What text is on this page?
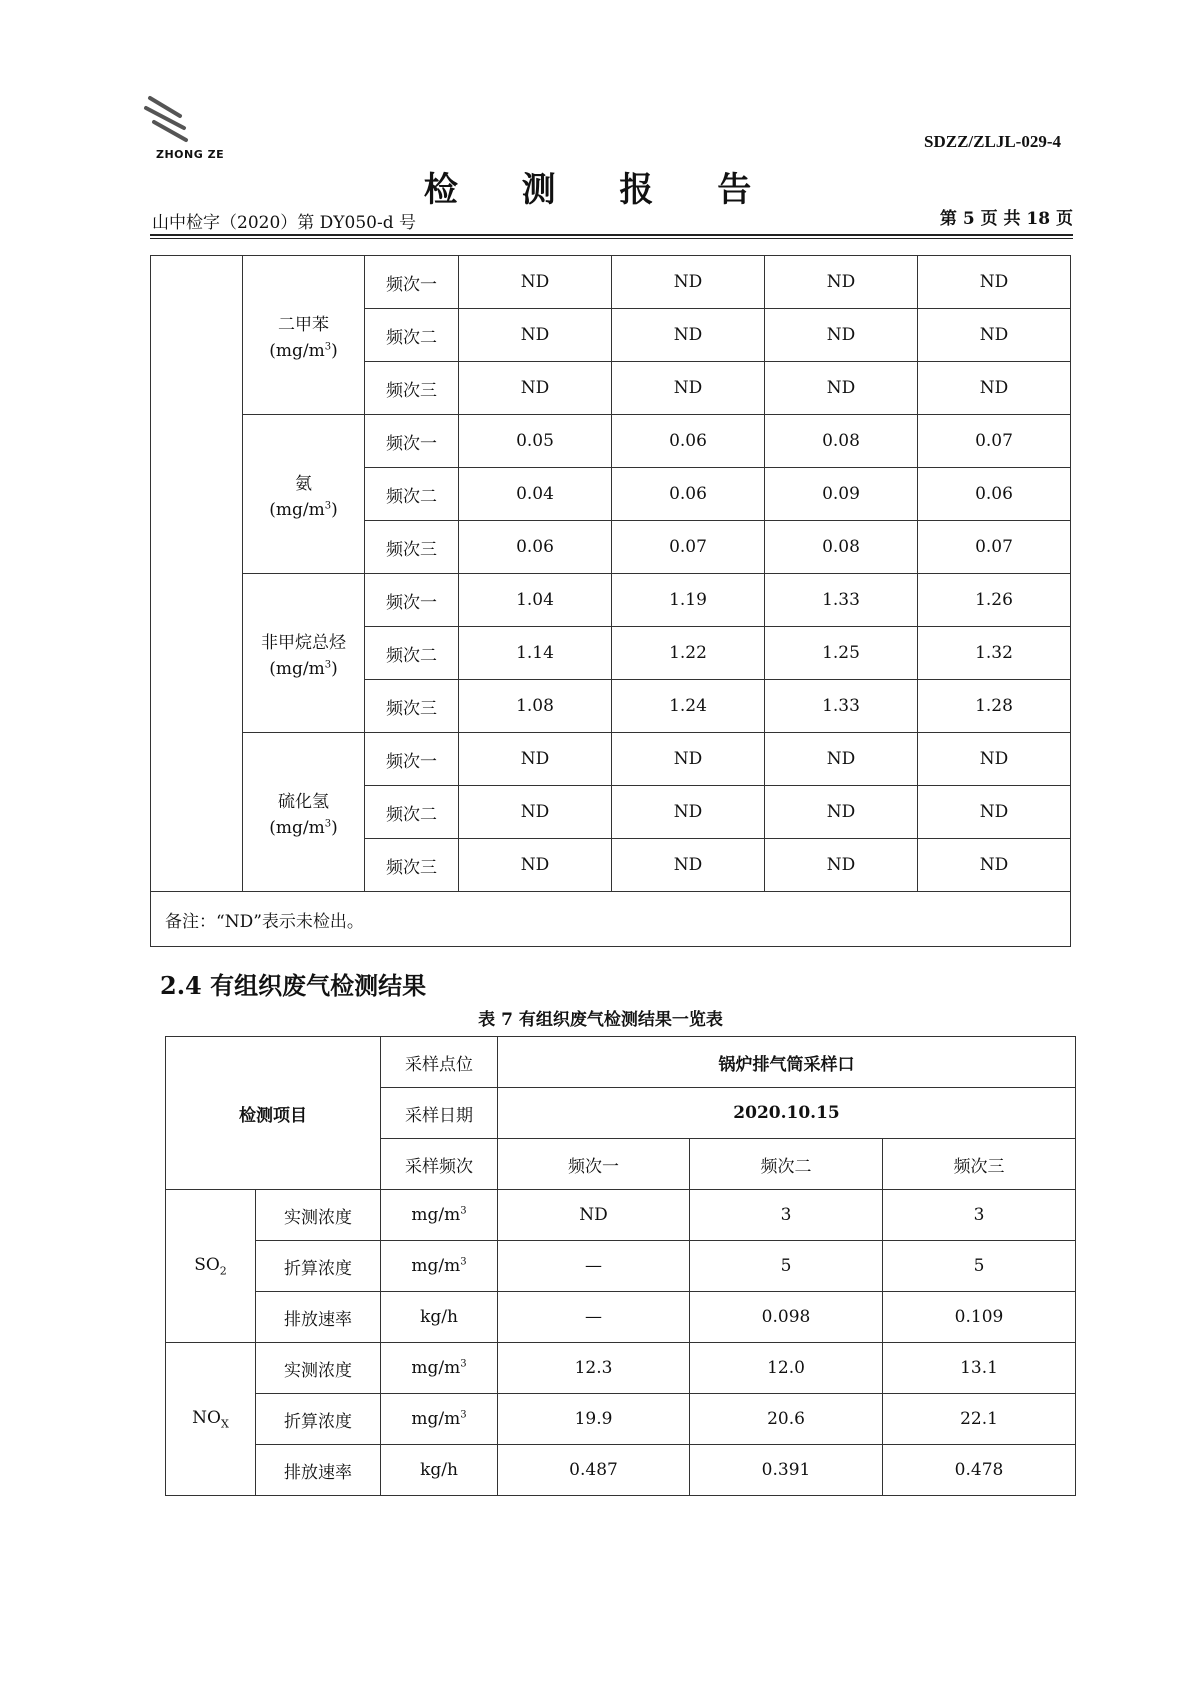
ZHONG ZE
SDZZ/ZLJL-029-4
检 测 报 告
山中检字（2020）第 DY050-d 号	第 5 页 共 18 页

	二甲苯
$(mg/m^3)$	频次一	ND	ND	ND	ND
		频次二	ND	ND	ND	ND
		频次三	ND	ND	ND	ND

	氨
$(mg/m^3)$	频次一	0.05	0.06	0.08	0.07
		频次二	0.04	0.06	0.09	0.06
		频次三	0.06	0.07	0.08	0.07

	非甲烷总烃
$(mg/m^3)$	频次一	1.04	1.19	1.33	1.26
		频次二	1.14	1.22	1.25	1.32
		频次三	1.08	1.24	1.33	1.28

	硫化氢
$(mg/m^3)$	频次一	ND	ND	ND	ND
		频次二	ND	ND	ND	ND
		频次三	ND	ND	ND	ND
备注：“ND”表示未检出。						
2.4 有组织废气检测结果
表 7 有组织废气检测结果一览表
检测项目		采样点位	锅炉排气筒采样口		
		采样日期	2020.10.15		
		采样频次	频次一	频次二	频次三
$SO_2$	实测浓度	$mg/m^3$	ND	3	3
	折算浓度	$mg/m^3$	—	5	5
	排放速率	kg/h	—	0.098	0.109
$NO_X$	实测浓度	$mg/m^3$	12.3	12.0	13.1
	折算浓度	$mg/m^3$	19.9	20.6	22.1
	排放速率	kg/h	0.487	0.391	0.478
